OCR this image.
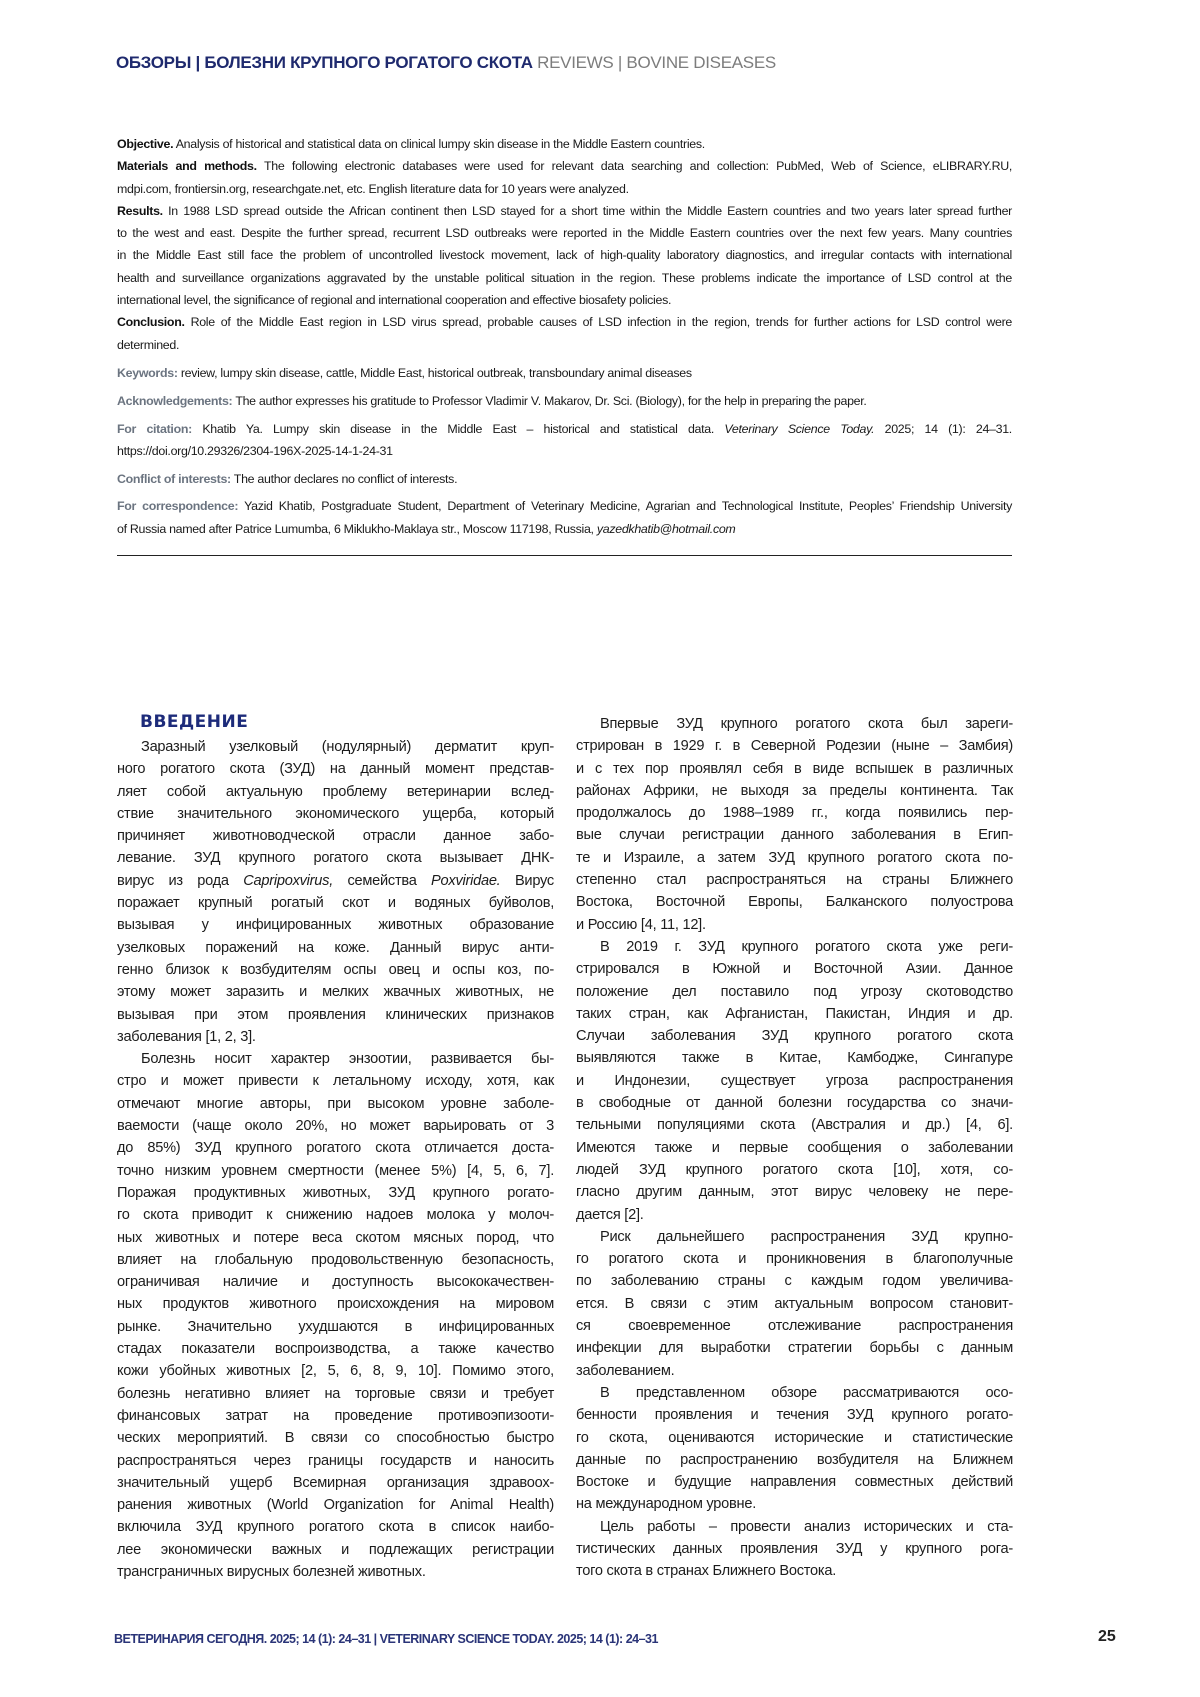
ОБЗОРЫ | БОЛЕЗНИ КРУПНОГО РОГАТОГО СКОТА REVIEWS | BOVINE DISEASES
Objective. Analysis of historical and statistical data on clinical lumpy skin disease in the Middle Eastern countries.
Materials and methods. The following electronic databases were used for relevant data searching and collection: PubMed, Web of Science, eLIBRARY.RU,
mdpi.com, frontiersin.org, researchgate.net, etc. English literature data for 10 years were analyzed.
Results. In 1988 LSD spread outside the African continent then LSD stayed for a short time within the Middle Eastern countries and two years later spread further
to the west and east. Despite the further spread, recurrent LSD outbreaks were reported in the Middle Eastern countries over the next few years. Many countries
in the Middle East still face the problem of uncontrolled livestock movement, lack of high-quality laboratory diagnostics, and irregular contacts with international
health and surveillance organizations aggravated by the unstable political situation in the region. These problems indicate the importance of LSD control at the
international level, the significance of regional and international cooperation and effective biosafety policies.
Conclusion. Role of the Middle East region in LSD virus spread, probable causes of LSD infection in the region, trends for further actions for LSD control were
determined.
Keywords: review, lumpy skin disease, cattle, Middle East, historical outbreak, transboundary animal diseases
Acknowledgements: The author expresses his gratitude to Professor Vladimir V. Makarov, Dr. Sci. (Biology), for the help in preparing the paper.
For citation: Khatib Ya. Lumpy skin disease in the Middle East – historical and statistical data. Veterinary Science Today. 2025; 14 (1): 24–31.
https://doi.org/10.29326/2304-196X-2025-14-1-24-31
Conflict of interests: The author declares no conflict of interests.
For correspondence: Yazid Khatib, Postgraduate Student, Department of Veterinary Medicine, Agrarian and Technological Institute, Peoples’ Friendship University
of Russia named after Patrice Lumumba, 6 Miklukho-Maklaya str., Moscow 117198, Russia, yazedkhatib@hotmail.com
ВВЕДЕНИЕ
Заразный узелковый (нодулярный) дерматит круп-
ного рогатого скота (ЗУД) на данный момент представ-
ляет собой актуальную проблему ветеринарии вслед-
ствие значительного экономического ущерба, который
причиняет животноводческой отрасли данное забо-
левание. ЗУД крупного рогатого скота вызывает ДНК-
вирус из рода Capripoxvirus, семейства Poxviridae. Вирус
поражает крупный рогатый скот и водяных буйволов,
вызывая у инфицированных животных образование
узелковых поражений на коже. Данный вирус анти-
генно близок к возбудителям оспы овец и оспы коз, по-
этому может заразить и мелких жвачных животных, не
вызывая при этом проявления клинических признаков
заболевания [1, 2, 3].
Болезнь носит характер энзоотии, развивается бы-
стро и может привести к летальному исходу, хотя, как
отмечают многие авторы, при высоком уровне заболе-
ваемости (чаще около 20%, но может варьировать от 3
до 85%) ЗУД крупного рогатого скота отличается доста-
точно низким уровнем смертности (менее 5%) [4, 5, 6, 7].
Поражая продуктивных животных, ЗУД крупного рогато-
го скота приводит к снижению надоев молока у молоч-
ных животных и потере веса скотом мясных пород, что
влияет на глобальную продовольственную безопасность,
ограничивая наличие и доступность высококачествен-
ных продуктов животного происхождения на мировом
рынке. Значительно ухудшаются в инфицированных
стадах показатели воспроизводства, а также качество
кожи убойных животных [2, 5, 6, 8, 9, 10]. Помимо этого,
болезнь негативно влияет на торговые связи и требует
финансовых затрат на проведение противоэпизооти-
ческих мероприятий. В связи со способностью быстро
распространяться через границы государств и наносить
значительный ущерб Всемирная организация здравоох-
ранения животных (World Organization for Animal Health)
включила ЗУД крупного рогатого скота в список наибо-
лее экономически важных и подлежащих регистрации
трансграничных вирусных болезней животных.
Впервые ЗУД крупного рогатого скота был зареги-
стрирован в 1929 г. в Северной Родезии (ныне – Замбия)
и с тех пор проявлял себя в виде вспышек в различных
районах Африки, не выходя за пределы континента. Так
продолжалось до 1988–1989 гг., когда появились пер-
вые случаи регистрации данного заболевания в Егип-
те и Израиле, а затем ЗУД крупного рогатого скота по-
степенно стал распространяться на страны Ближнего
Востока, Восточной Европы, Балканского полуострова
и Россию [4, 11, 12].
В 2019 г. ЗУД крупного рогатого скота уже реги-
стрировался в Южной и Восточной Азии. Данное
положение дел поставило под угрозу скотоводство
таких стран, как Афганистан, Пакистан, Индия и др.
Случаи заболевания ЗУД крупного рогатого скота
выявляются также в Китае, Камбодже, Сингапуре
и Индонезии, существует угроза распространения
в свободные от данной болезни государства со значи-
тельными популяциями скота (Австралия и др.) [4, 6].
Имеются также и первые сообщения о заболевании
людей ЗУД крупного рогатого скота [10], хотя, со-
гласно другим данным, этот вирус человеку не пере-
дается [2].
Риск дальнейшего распространения ЗУД крупно-
го рогатого скота и проникновения в благополучные
по заболеванию страны с каждым годом увеличива-
ется. В связи с этим актуальным вопросом становит-
ся своевременное отслеживание распространения
инфекции для выработки стратегии борьбы с данным
заболеванием.
В представленном обзоре рассматриваются осо-
бенности проявления и течения ЗУД крупного рогато-
го скота, оцениваются исторические и статистические
данные по распространению возбудителя на Ближнем
Востоке и будущие направления совместных действий
на международном уровне.
Цель работы – провести анализ исторических и ста-
тистических данных проявления ЗУД у крупного рога-
того скота в странах Ближнего Востока.
ВЕТЕРИНАРИЯ СЕГОДНЯ. 2025; 14 (1): 24–31 | VETERINARY SCIENCE TODAY. 2025; 14 (1): 24–31	25
